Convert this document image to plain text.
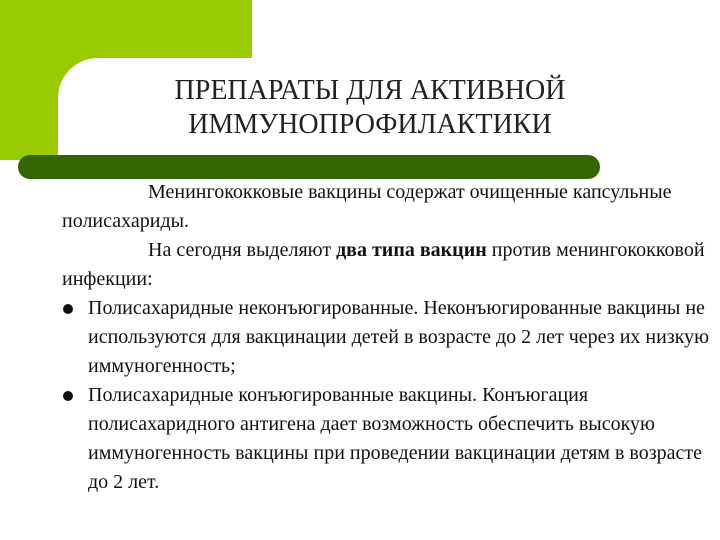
ПРЕПАРАТЫ ДЛЯ АКТИВНОЙ
ИММУНОПРОФИЛАКТИКИ

Менингококковые вакцины содержат очищенные капсульные полисахариды.

На сегодня выделяют два типа вакцин против менингококковой инфекции:

Полисахаридные неконъюгированные. Неконъюгированные вакцины не используются для вакцинации детей в возрасте до 2 лет через их низкую иммуногенность;
Полисахаридные конъюгированные вакцины. Конъюгация полисахаридного антигена дает возможность обеспечить высокую иммуногенность вакцины при проведении вакцинации детям в возрасте до 2 лет.
